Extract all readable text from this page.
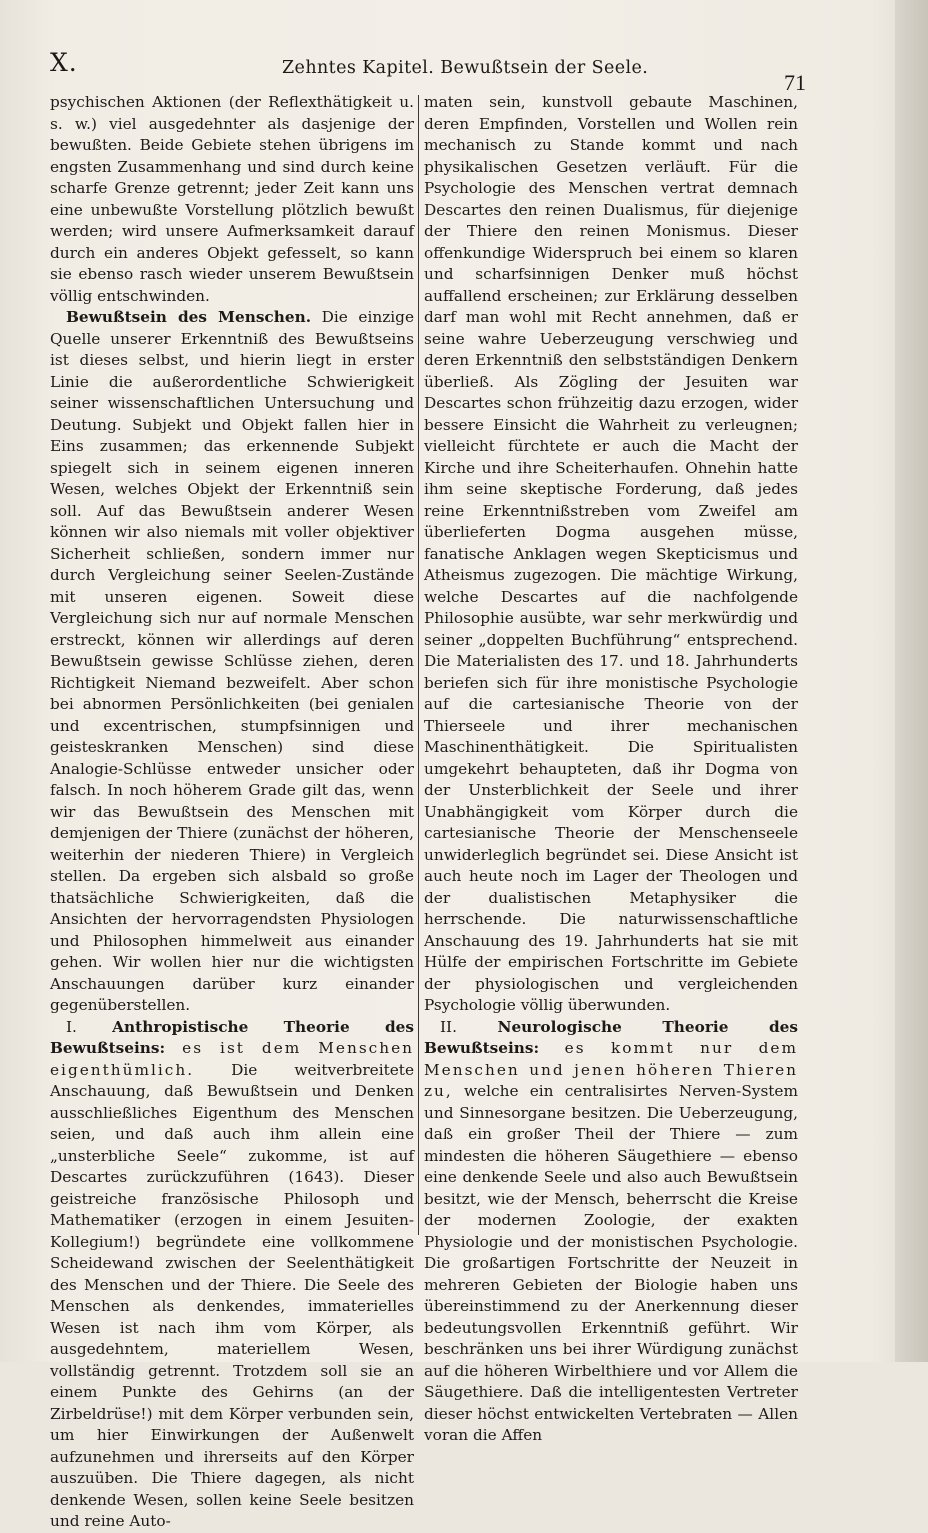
X.	Zehntes Kapitel. Bewußtsein der Seele.
71

psychischen Aktionen (der Reflexthätigkeit u. s. w.) viel ausgedehnter als dasjenige der bewußten. Beide Gebiete stehen übrigens im engsten Zusammenhang und sind durch keine scharfe Grenze getrennt; jeder Zeit kann uns eine unbewußte Vorstellung plötzlich bewußt werden; wird unsere Aufmerksamkeit darauf durch ein anderes Objekt gefesselt, so kann sie ebenso rasch wieder unserem Bewußtsein völlig entschwinden.

Bewußtsein des Menschen. Die einzige Quelle unserer Erkenntniß des Bewußtseins ist dieses selbst, und hierin liegt in erster Linie die außerordentliche Schwierigkeit seiner wissenschaftlichen Untersuchung und Deutung. Subjekt und Objekt fallen hier in Eins zusammen; das erkennende Subjekt spiegelt sich in seinem eigenen inneren Wesen, welches Objekt der Erkenntniß sein soll. Auf das Bewußtsein anderer Wesen können wir also niemals mit voller objektiver Sicherheit schließen, sondern immer nur durch Vergleichung seiner Seelen-Zustände mit unseren eigenen. Soweit diese Vergleichung sich nur auf normale Menschen erstreckt, können wir allerdings auf deren Bewußtsein gewisse Schlüsse ziehen, deren Richtigkeit Niemand bezweifelt. Aber schon bei abnormen Persönlichkeiten (bei genialen und excentrischen, stumpfsinnigen und geisteskranken Menschen) sind diese Analogie-Schlüsse entweder unsicher oder falsch. In noch höherem Grade gilt das, wenn wir das Bewußtsein des Menschen mit demjenigen der Thiere (zunächst der höheren, weiterhin der niederen Thiere) in Vergleich stellen. Da ergeben sich alsbald so große thatsächliche Schwierigkeiten, daß die Ansichten der hervorragendsten Physiologen und Philosophen himmelweit aus einander gehen. Wir wollen hier nur die wichtigsten Anschauungen darüber kurz einander gegenüberstellen.

I. Anthropistische Theorie des Bewußtseins: es ist dem Menschen eigenthümlich. Die weitverbreitete Anschauung, daß Bewußtsein und Denken ausschließliches Eigenthum des Menschen seien, und daß auch ihm allein eine „unsterbliche Seele“ zukomme, ist auf Descartes zurückzuführen (1643). Dieser geistreiche französische Philosoph und Mathematiker (erzogen in einem Jesuiten-Kollegium!) begründete eine vollkommene Scheidewand zwischen der Seelenthätigkeit des Menschen und der Thiere. Die Seele des Menschen als denkendes, immaterielles Wesen ist nach ihm vom Körper, als ausgedehntem, materiellem Wesen, vollständig getrennt. Trotzdem soll sie an einem Punkte des Gehirns (an der Zirbeldrüse!) mit dem Körper verbunden sein, um hier Einwirkungen der Außenwelt aufzunehmen und ihrerseits auf den Körper auszuüben. Die Thiere dagegen, als nicht denkende Wesen, sollen keine Seele besitzen und reine Auto-

maten sein, kunstvoll gebaute Maschinen, deren Empfinden, Vorstellen und Wollen rein mechanisch zu Stande kommt und nach physikalischen Gesetzen verläuft. Für die Psychologie des Menschen vertrat demnach Descartes den reinen Dualismus, für diejenige der Thiere den reinen Monismus. Dieser offenkundige Widerspruch bei einem so klaren und scharfsinnigen Denker muß höchst auffallend erscheinen; zur Erklärung desselben darf man wohl mit Recht annehmen, daß er seine wahre Ueberzeugung verschwieg und deren Erkenntniß den selbstständigen Denkern überließ. Als Zögling der Jesuiten war Descartes schon frühzeitig dazu erzogen, wider bessere Einsicht die Wahrheit zu verleugnen; vielleicht fürchtete er auch die Macht der Kirche und ihre Scheiterhaufen. Ohnehin hatte ihm seine skeptische Forderung, daß jedes reine Erkenntnißstreben vom Zweifel am überlieferten Dogma ausgehen müsse, fanatische Anklagen wegen Skepticismus und Atheismus zugezogen. Die mächtige Wirkung, welche Descartes auf die nachfolgende Philosophie ausübte, war sehr merkwürdig und seiner „doppelten Buchführung“ entsprechend. Die Materialisten des 17. und 18. Jahrhunderts beriefen sich für ihre monistische Psychologie auf die cartesianische Theorie von der Thierseele und ihrer mechanischen Maschinenthätigkeit. Die Spiritualisten umgekehrt behaupteten, daß ihr Dogma von der Unsterblichkeit der Seele und ihrer Unabhängigkeit vom Körper durch die cartesianische Theorie der Menschenseele unwiderleglich begründet sei. Diese Ansicht ist auch heute noch im Lager der Theologen und der dualistischen Metaphysiker die herrschende. Die naturwissenschaftliche Anschauung des 19. Jahrhunderts hat sie mit Hülfe der empirischen Fortschritte im Gebiete der physiologischen und vergleichenden Psychologie völlig überwunden.

II. Neurologische Theorie des Bewußtseins: es kommt nur dem Menschen und jenen höheren Thieren zu, welche ein centralisirtes Nerven-System und Sinnesorgane besitzen. Die Ueberzeugung, daß ein großer Theil der Thiere — zum mindesten die höheren Säugethiere — ebenso eine denkende Seele und also auch Bewußtsein besitzt, wie der Mensch, beherrscht die Kreise der modernen Zoologie, der exakten Physiologie und der monistischen Psychologie. Die großartigen Fortschritte der Neuzeit in mehreren Gebieten der Biologie haben uns übereinstimmend zu der Anerkennung dieser bedeutungsvollen Erkenntniß geführt. Wir beschränken uns bei ihrer Würdigung zunächst auf die höheren Wirbelthiere und vor Allem die Säugethiere. Daß die intelligentesten Vertreter dieser höchst entwickelten Vertebraten — Allen voran die Affen
